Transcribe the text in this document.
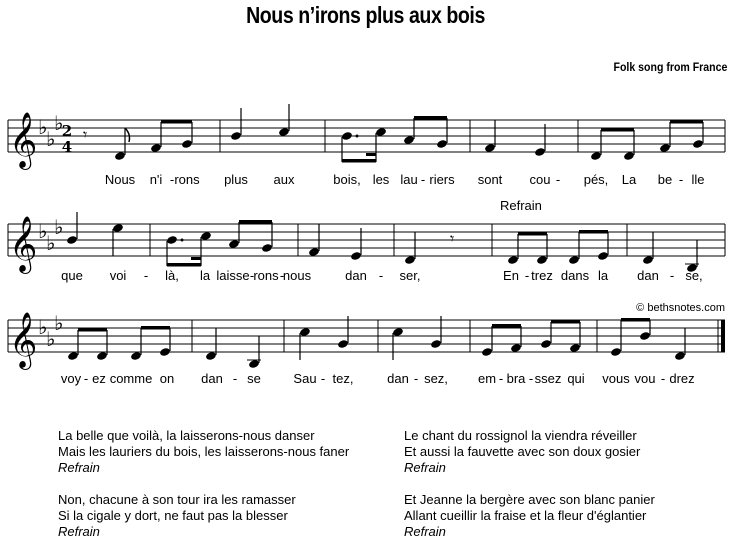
Nous n’irons plus aux bois
Folk song from France
𝄞 ♭
♭
♭
2
4
𝄾
𝄞 ♭
♭
♭	𝄾
𝄞 ♭
♭
♭
© bethsnotes.com
Refrain
Nous n'i - rons plus aux	bois, les lau - riers sont cou - pés, La be - lle
que voi - là, la laisse - rons -
nous	dan - ser,	En - trez dans la dan - se,
voy - ez comme on dan - se	Sau - tez,	dan - sez, em - bra - ssez qui vous vou - drez
La belle que voilà, la laisserons-nous danser
Mais les lauriers du bois, les laisserons-nous faner
Refrain
Non, chacune à son tour ira les ramasser
Si la cigale y dort, ne faut pas la blesser
Refrain
Le chant du rossignol la viendra réveiller
Et aussi la fauvette avec son doux gosier
Refrain
Et Jeanne la bergère avec son blanc panier
Allant cueillir la fraise et la fleur d'églantier
Refrain
